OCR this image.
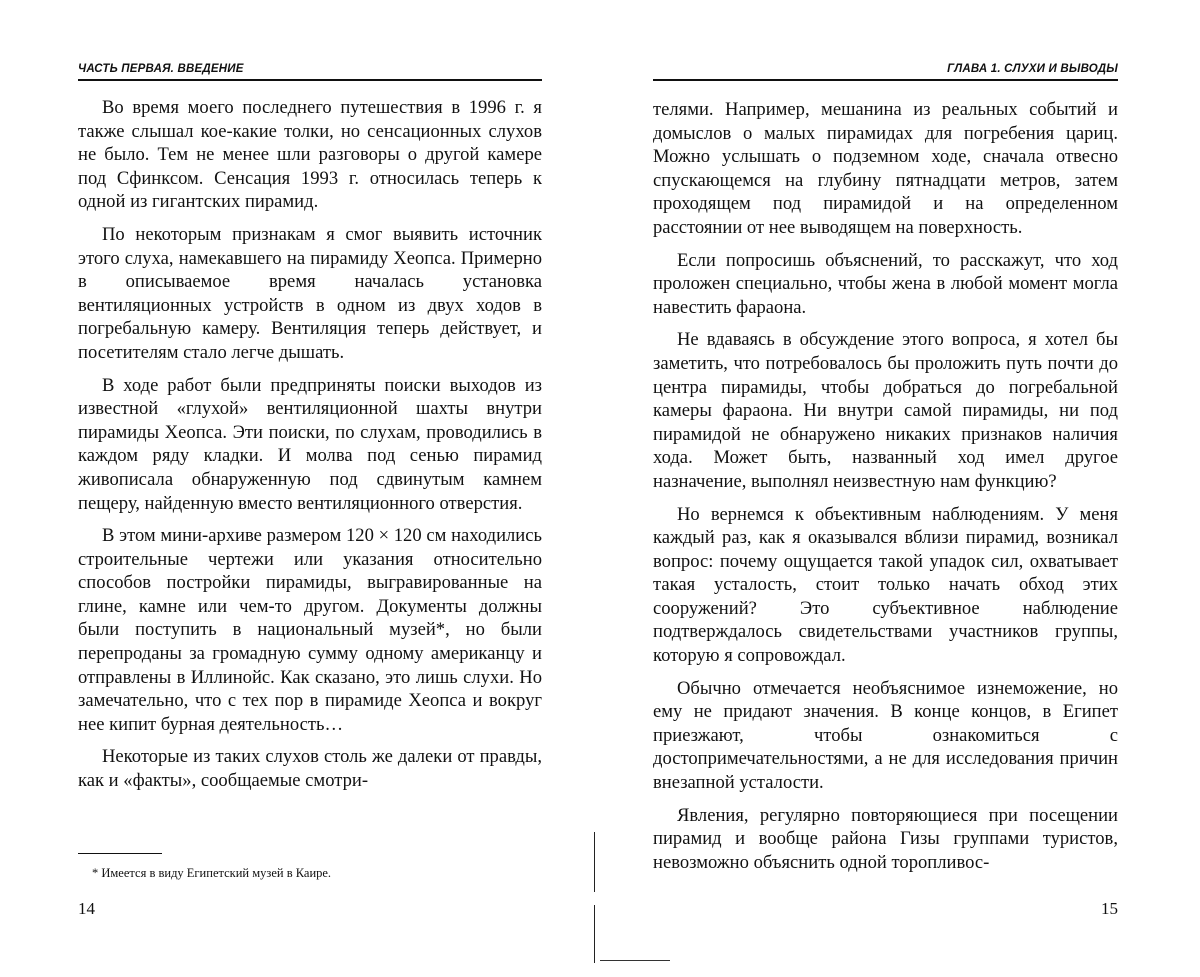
ЧАСТЬ ПЕРВАЯ. ВВЕДЕНИЕ

Во время моего последнего путешествия в 1996 г. я также слышал кое-какие толки, но сенсационных слухов не было. Тем не менее шли разговоры о другой камере под Сфинксом. Сенсация 1993 г. относилась теперь к одной из гигантских пирамид.

По некоторым признакам я смог выявить источник этого слуха, намекавшего на пирамиду Хеопса. Примерно в описываемое время началась установка вентиляционных устройств в одном из двух ходов в погребальную камеру. Вентиляция теперь действует, и посетителям стало легче дышать.

В ходе работ были предприняты поиски выходов из известной «глухой» вентиляционной шахты внутри пирамиды Хеопса. Эти поиски, по слухам, проводились в каждом ряду кладки. И молва под сенью пирамид живописала обнаруженную под сдвинутым камнем пещеру, найденную вместо вентиляционного отверстия.

В этом мини-архиве размером 120 × 120 см находились строительные чертежи или указания относительно способов постройки пирамиды, выгравированные на глине, камне или чем-то другом. Документы должны были поступить в национальный музей*, но были перепроданы за громадную сумму одному американцу и отправлены в Иллинойс. Как сказано, это лишь слухи. Но замечательно, что с тех пор в пирамиде Хеопса и вокруг нее кипит бурная деятельность…

Некоторые из таких слухов столь же далеки от правды, как и «факты», сообщаемые смотри-

* Имеется в виду Египетский музей в Каире.
14
ГЛАВА 1. СЛУХИ И ВЫВОДЫ

телями. Например, мешанина из реальных событий и домыслов о малых пирамидах для погребения цариц. Можно услышать о подземном ходе, сначала отвесно спускающемся на глубину пятнадцати метров, затем проходящем под пирамидой и на определенном расстоянии от нее выводящем на поверхность.

Если попросишь объяснений, то расскажут, что ход проложен специально, чтобы жена в любой момент могла навестить фараона.

Не вдаваясь в обсуждение этого вопроса, я хотел бы заметить, что потребовалось бы проложить путь почти до центра пирамиды, чтобы добраться до погребальной камеры фараона. Ни внутри самой пирамиды, ни под пирамидой не обнаружено никаких признаков наличия хода. Может быть, названный ход имел другое назначение, выполнял неизвестную нам функцию?

Но вернемся к объективным наблюдениям. У меня каждый раз, как я оказывался вблизи пирамид, возникал вопрос: почему ощущается такой упадок сил, охватывает такая усталость, стоит только начать обход этих сооружений? Это субъективное наблюдение подтверждалось свидетельствами участников группы, которую я сопровождал.

Обычно отмечается необъяснимое изнеможение, но ему не придают значения. В конце концов, в Египет приезжают, чтобы ознакомиться с достопримечательностями, а не для исследования причин внезапной усталости.

Явления, регулярно повторяющиеся при посещении пирамид и вообще района Гизы группами туристов, невозможно объяснить одной торопливос-

15
